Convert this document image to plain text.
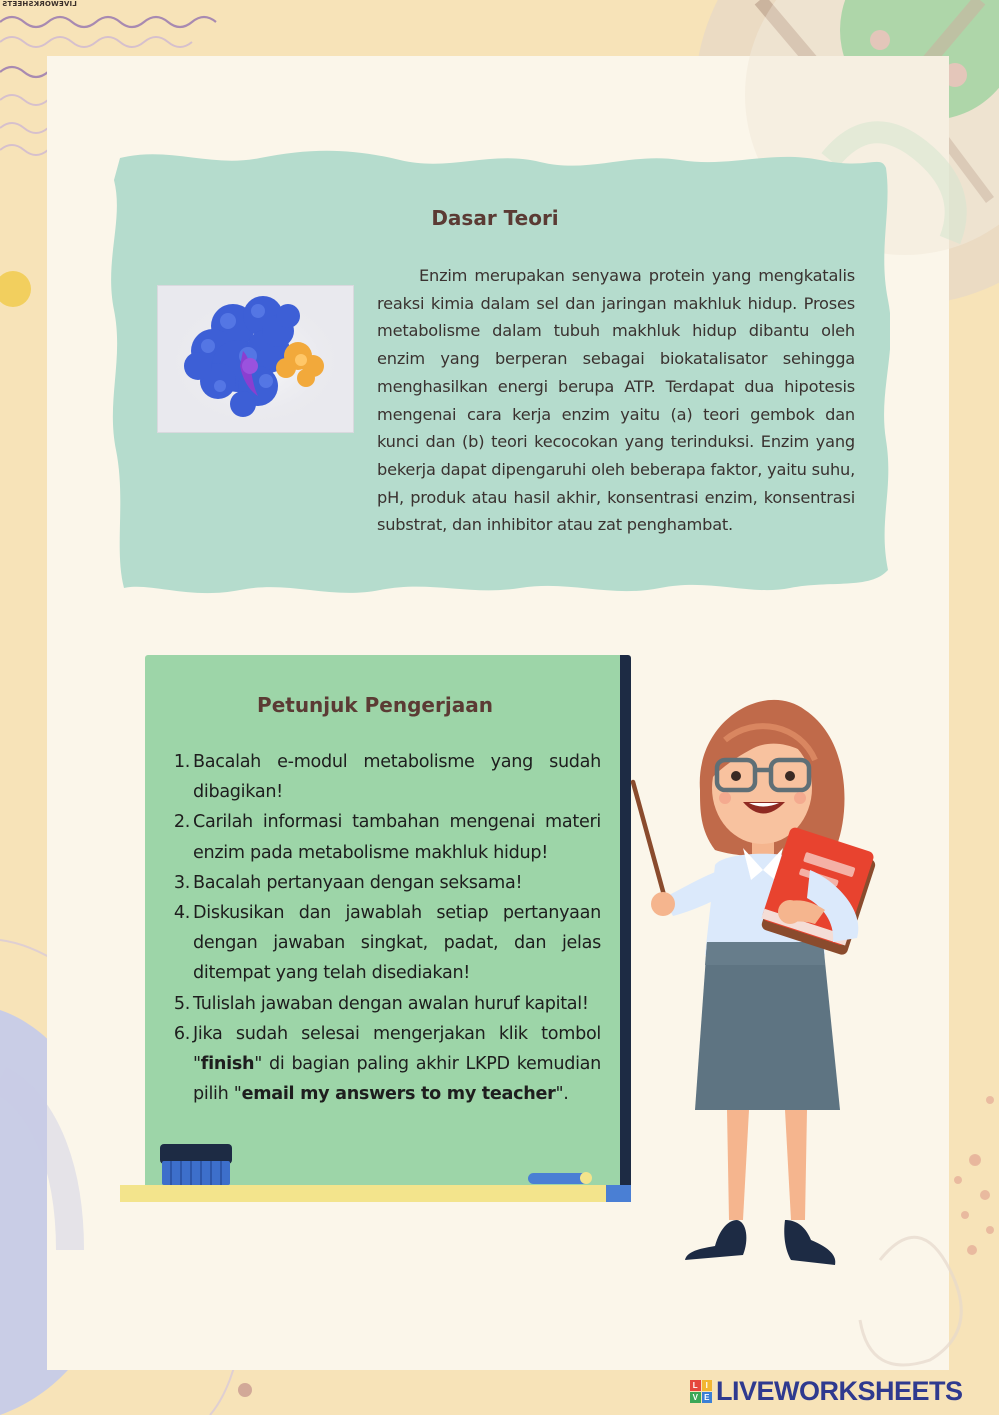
LIVEWORKSHEETS
Dasar Teori
Enzim merupakan senyawa protein yang mengkatalis reaksi kimia dalam sel dan jaringan makhluk hidup. Proses metabolisme dalam tubuh makhluk hidup dibantu oleh enzim yang berperan sebagai biokatalisator sehingga menghasilkan energi berupa ATP. Terdapat dua hipotesis mengenai cara kerja enzim yaitu (a) teori gembok dan kunci dan (b) teori kecocokan yang terinduksi. Enzim yang bekerja dapat dipengaruhi oleh beberapa faktor, yaitu suhu, pH, produk atau hasil akhir, konsentrasi enzim, konsentrasi substrat, dan inhibitor atau zat penghambat.
Petunjuk Pengerjaan
1. Bacalah e-modul metabolisme yang sudah dibagikan!
2. Carilah informasi tambahan mengenai materi enzim pada metabolisme makhluk hidup!
3. Bacalah pertanyaan dengan seksama!
4. Diskusikan dan jawablah setiap pertanyaan dengan jawaban singkat, padat, dan jelas ditempat yang telah disediakan!
5. Tulislah jawaban dengan awalan huruf kapital!
6. Jika sudah selesai mengerjakan klik tombol "finish" di bagian paling akhir LKPD kemudian pilih "email my answers to my teacher".
L I
V E LIVEWORKSHEETS
